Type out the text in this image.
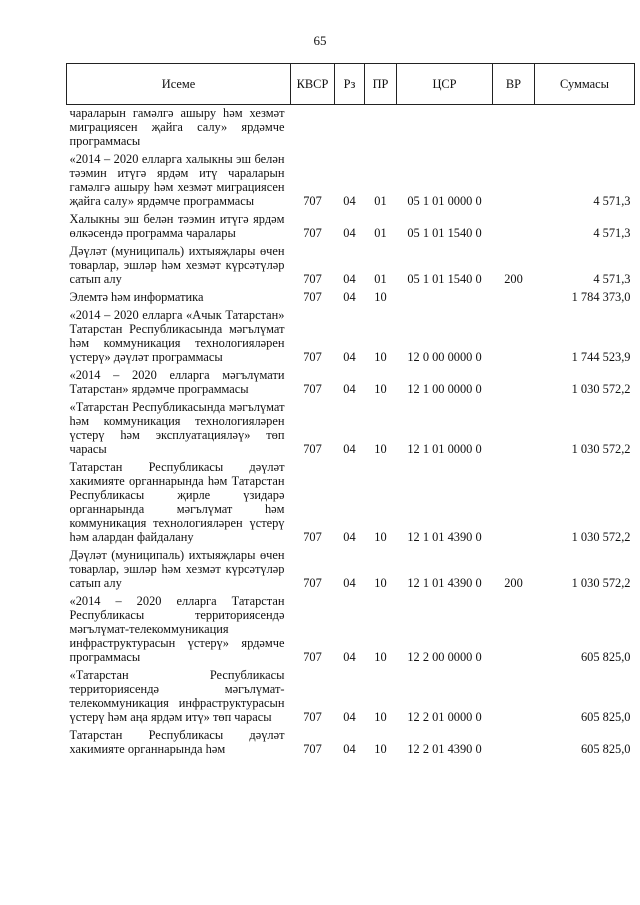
65
Исеме	КВСР	Рз	ПР	ЦСР	ВР	Суммасы
чараларын гамәлгә ашыру һәм хезмәт миграциясен җайга салу» ярдәмче программасы						
«2014 – 2020 елларга халыкны эш белән тәэмин итүгә ярдәм итү чараларын гамәлгә ашыру һәм хезмәт миграциясен җайга салу» ярдәмче программасы	707	04	01	05 1 01 0000 0		4 571,3
Халыкны эш белән тәэмин итүгә ярдәм өлкәсендә программа чаралары	707	04	01	05 1 01 1540 0		4 571,3
Дәүләт (муниципаль) ихтыяҗлары өчен товарлар, эшләр һәм хезмәт күрсәтүләр сатып алу	707	04	01	05 1 01 1540 0	200	4 571,3
Элемтә һәм информатика	707	04	10			1 784 373,0
«2014 – 2020 елларга «Ачык Татарстан» Татарстан Республикасында мәгълүмат һәм коммуникация технологияләрен үстерү» дәүләт программасы	707	04	10	12 0 00 0000 0		1 744 523,9
«2014 – 2020 елларга мәгълүмати Татарстан» ярдәмче программасы	707	04	10	12 1 00 0000 0		1 030 572,2
«Татарстан Республикасында мәгълүмат һәм коммуникация технологияләрен үстерү һәм эксплуатацияләү» төп чарасы	707	04	10	12 1 01 0000 0		1 030 572,2
Татарстан Республикасы дәүләт хакимияте органнарында һәм Татарстан Республикасы җирле үзидарә органнарында мәгълүмат һәм коммуникация технологияләрен үстерү һәм алардан файдалану	707	04	10	12 1 01 4390 0		1 030 572,2
Дәүләт (муниципаль) ихтыяҗлары өчен товарлар, эшләр һәм хезмәт күрсәтүләр сатып алу	707	04	10	12 1 01 4390 0	200	1 030 572,2
«2014 – 2020 елларга Татарстан Республикасы территориясендә мәгълүмат-телекоммуникация инфраструктурасын үстерү» ярдәмче программасы	707	04	10	12 2 00 0000 0		605 825,0
«Татарстан Республикасы территориясендә мәгълүмат-телекоммуникация инфраструктурасын үстерү һәм аңа ярдәм итү» төп чарасы	707	04	10	12 2 01 0000 0		605 825,0
Татарстан Республикасы дәүләт хакимияте органнарында һәм	707	04	10	12 2 01 4390 0		605 825,0
